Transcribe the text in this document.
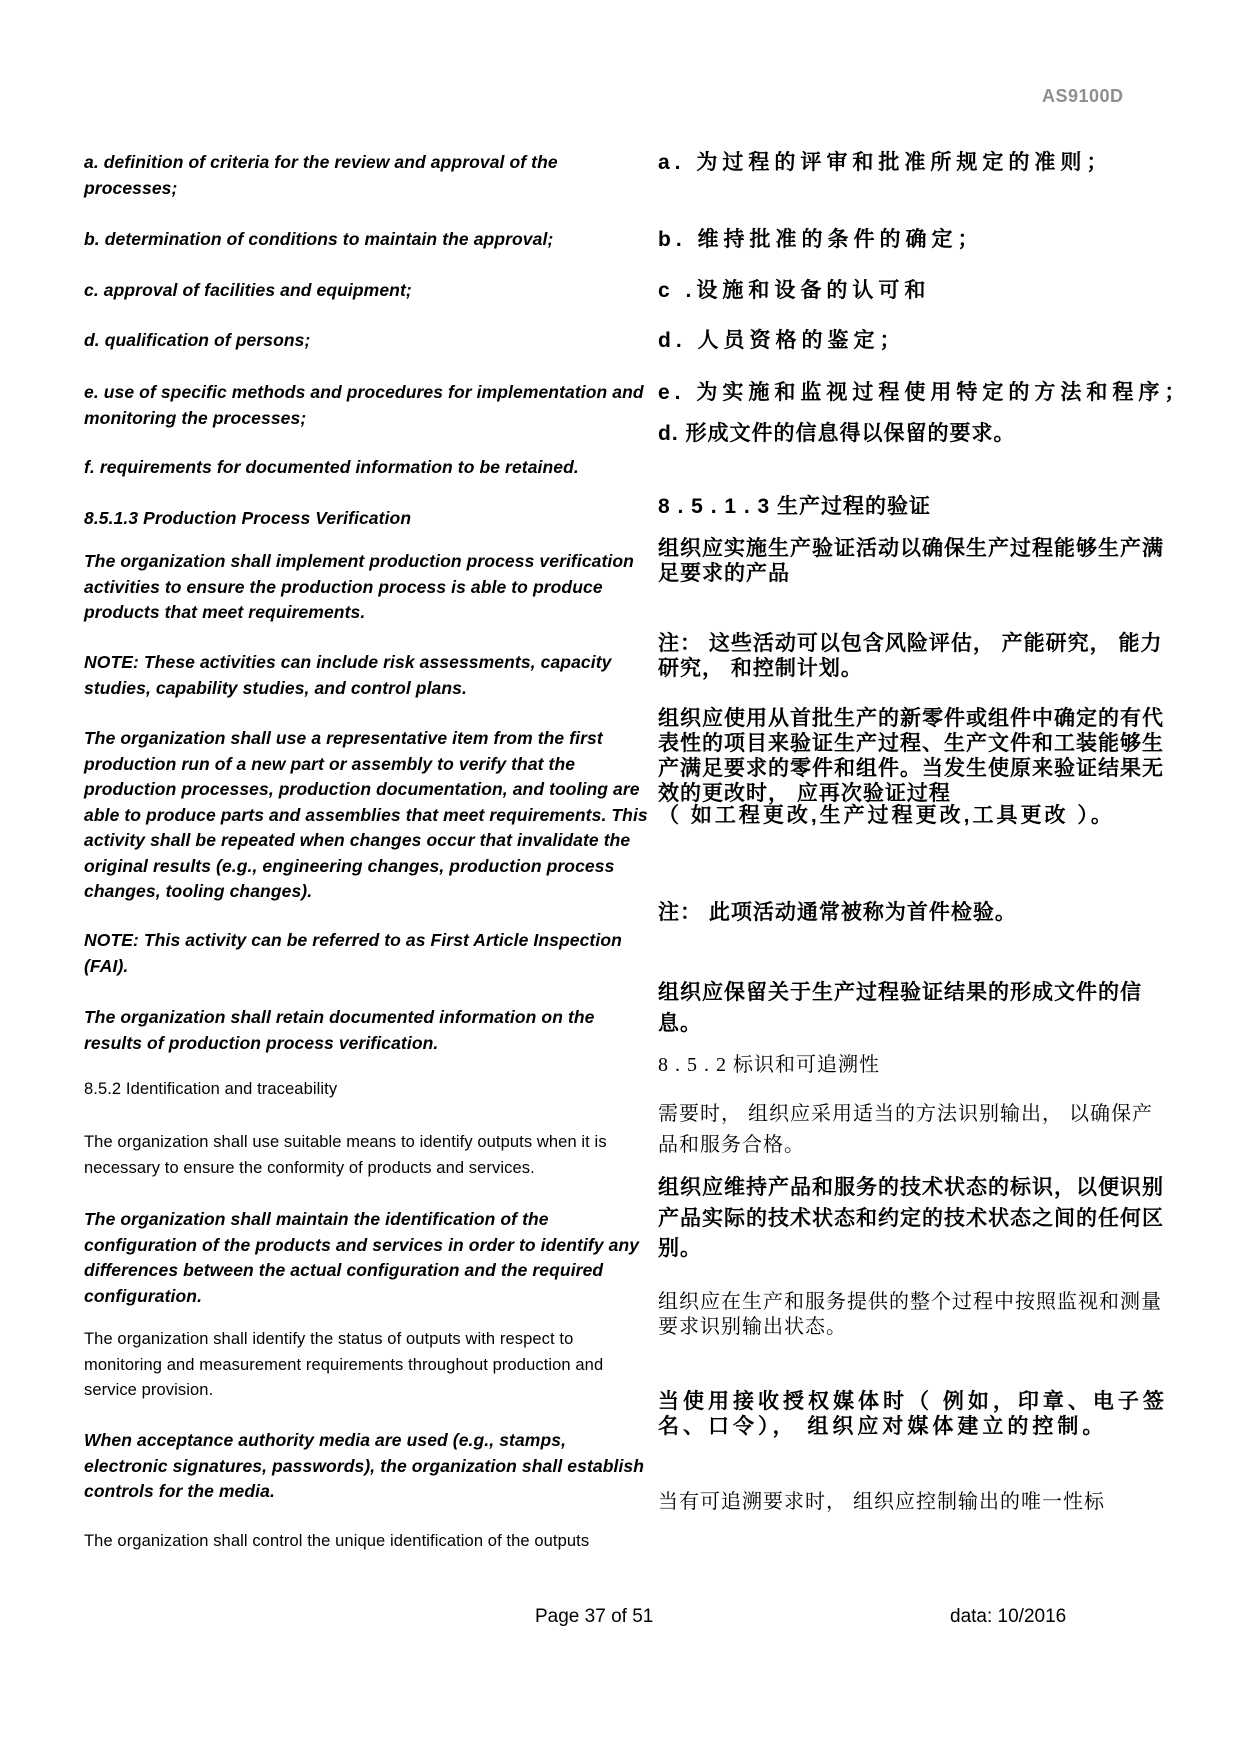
AS9100D
a. definition of criteria for the review and approval of the processes;
b. determination of conditions to maintain the approval;
c. approval of facilities and equipment;
d. qualification of persons;
e. use of specific methods and procedures for implementation and monitoring the processes;
f. requirements for documented information to be retained.
8.5.1.3 Production Process Verification
The organization shall implement production process verification activities to ensure the production process is able to produce products that meet requirements.
NOTE: These activities can include risk assessments, capacity studies, capability studies, and control plans.
The organization shall use a representative item from the first production run of a new part or assembly to verify that the production processes, production documentation, and tooling are able to produce parts and assemblies that meet requirements. This activity shall be repeated when changes occur that invalidate the original results (e.g., engineering changes, production process changes, tooling changes).
NOTE: This activity can be referred to as First Article Inspection (FAI).
The organization shall retain documented information on the results of production process verification.
8.5.2 Identification and traceability
The organization shall use suitable means to identify outputs when it is necessary to ensure the conformity of products and services.
The organization shall maintain the identification of the configuration of the products and services in order to identify any differences between the actual configuration and the required configuration.
The organization shall identify the status of outputs with respect to monitoring and measurement requirements throughout production and service provision.
When acceptance authority media are used (e.g., stamps, electronic signatures, passwords), the organization shall establish controls for the media.
The organization shall control the unique identification of the outputs
a. 为过程的评审和批准所规定的准则；
b. 维持批准的条件的确定；
c .设施和设备的认可和
d. 人员资格的鉴定；
e. 为实施和监视过程使用特定的方法和程序；
d. 形成文件的信息得以保留的要求。
8 . 5 . 1 . 3 生产过程的验证
组织应实施生产验证活动以确保生产过程能够生产满足要求的产品
注： 这些活动可以包含风险评估， 产能研究， 能力研究， 和控制计划。
组织应使用从首批生产的新零件或组件中确定的有代表性的项目来验证生产过程、生产文件和工装能够生产满足要求的零件和组件。当发生使原来验证结果无效的更改时， 应再次验证过程
（ 如工程更改,生产过程更改,工具更改 ）。
注： 此项活动通常被称为首件检验。
组织应保留关于生产过程验证结果的形成文件的信息。
8 . 5 . 2 标识和可追溯性
需要时， 组织应采用适当的方法识别输出， 以确保产品和服务合格。
组织应维持产品和服务的技术状态的标识，以便识别产品实际的技术状态和约定的技术状态之间的任何区别。
组织应在生产和服务提供的整个过程中按照监视和测量要求识别输出状态。
当使用接收授权媒体时（ 例如，印章、电子签名、口令）， 组织应对媒体建立的控制。
当有可追溯要求时， 组织应控制输出的唯一性标
Page 37 of 51	data: 10/2016
